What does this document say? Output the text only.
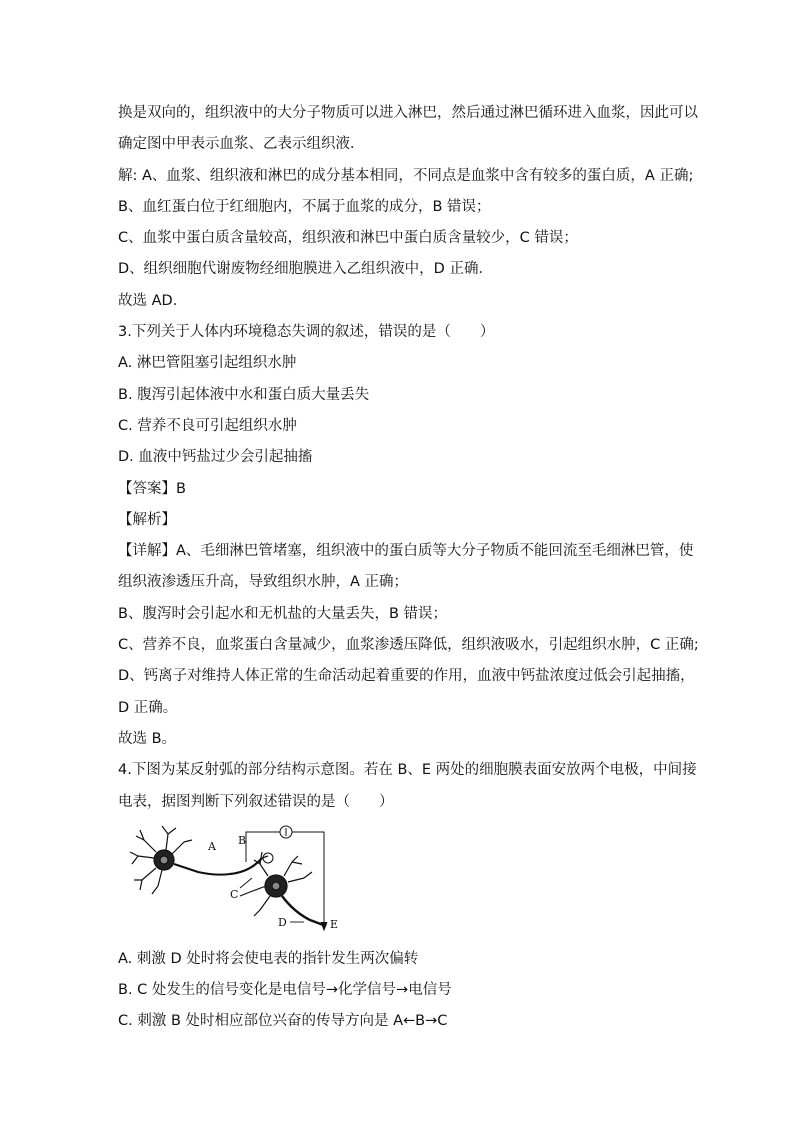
换是双向的，组织液中的大分子物质可以进入淋巴，然后通过淋巴循环进入血浆，因此可以
确定图中甲表示血浆、乙表示组织液．
解: A、血浆、组织液和淋巴的成分基本相同，不同点是血浆中含有较多的蛋白质，A 正确;
B、血红蛋白位于红细胞内，不属于血浆的成分，B 错误；
C、血浆中蛋白质含量较高，组织液和淋巴中蛋白质含量较少，C 错误；
D、组织细胞代谢废物经细胞膜进入乙组织液中，D 正确．
故选 AD．
3.下列关于人体内环境稳态失调的叙述，错误的是（　　）
A. 淋巴管阻塞引起组织水肿
B. 腹泻引起体液中水和蛋白质大量丢失
C. 营养不良可引起组织水肿
D. 血液中钙盐过少会引起抽搐
【答案】B
【解析】
【详解】A、毛细淋巴管堵塞，组织液中的蛋白质等大分子物质不能回流至毛细淋巴管，使
组织液渗透压升高，导致组织水肿，A 正确；
B、腹泻时会引起水和无机盐的大量丢失，B 错误；
C、营养不良，血浆蛋白含量减少，血浆渗透压降低，组织液吸水，引起组织水肿，C 正确;
D、钙离子对维持人体正常的生命活动起着重要的作用，血液中钙盐浓度过低会引起抽搐，
D 正确。
故选 B。
4.下图为某反射弧的部分结构示意图。若在 B、E 两处的细胞膜表面安放两个电极，中间接
电表，据图判断下列叙述错误的是（　　）
A B
C
D	E
A. 刺激 D 处时将会使电表的指针发生两次偏转
B. C 处发生的信号变化是电信号→化学信号→电信号
C. 刺激 B 处时相应部位兴奋的传导方向是 A←B→C
